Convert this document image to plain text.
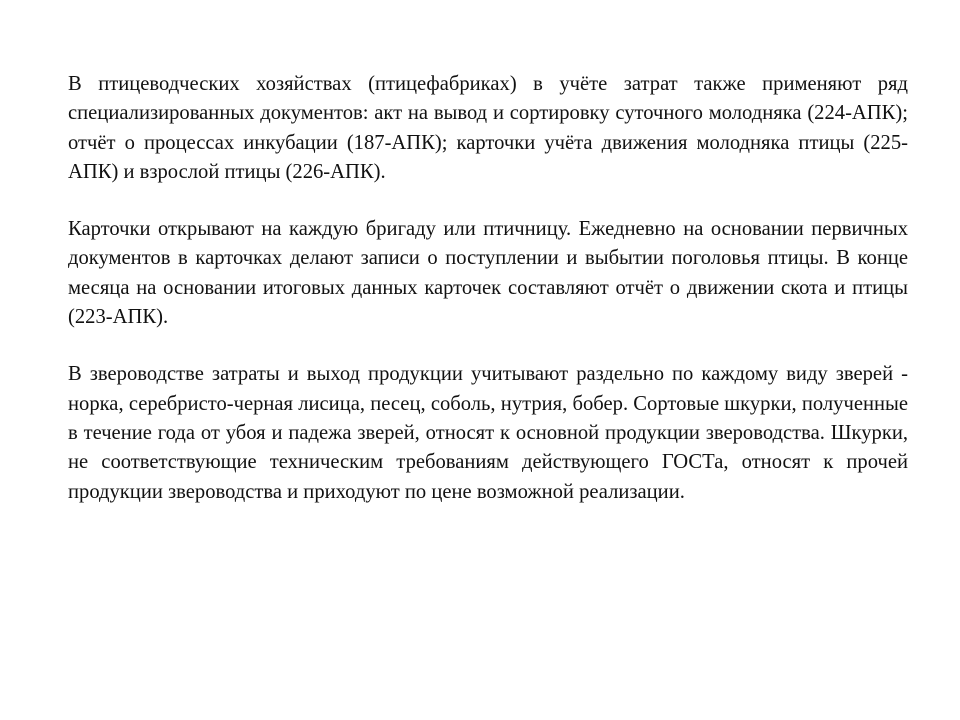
В птицеводческих хозяйствах (птицефабриках) в учёте затрат также применяют ряд специализированных документов: акт на вывод и сортировку суточного молодняка (224-АПК); отчёт о процессах инкубации (187-АПК); карточки учёта движения молодняка птицы (225-АПК) и взрослой птицы (226-АПК).

Карточки открывают на каждую бригаду или птичницу. Ежедневно на основании первичных документов в карточках делают записи о поступлении и выбытии поголовья птицы. В конце месяца на основании итоговых данных карточек составляют отчёт о движении скота и птицы (223-АПК).

В звероводстве затраты и выход продукции учитывают раздельно по каждому виду зверей - норка, серебристо-черная лисица, песец, соболь, нутрия, бобер. Сортовые шкурки, полученные в течение года от убоя и падежа зверей, относят к основной продукции звероводства. Шкурки, не соответствующие техническим требованиям действующего ГОСТа, относят к прочей продукции звероводства и приходуют по цене возможной реализации.
